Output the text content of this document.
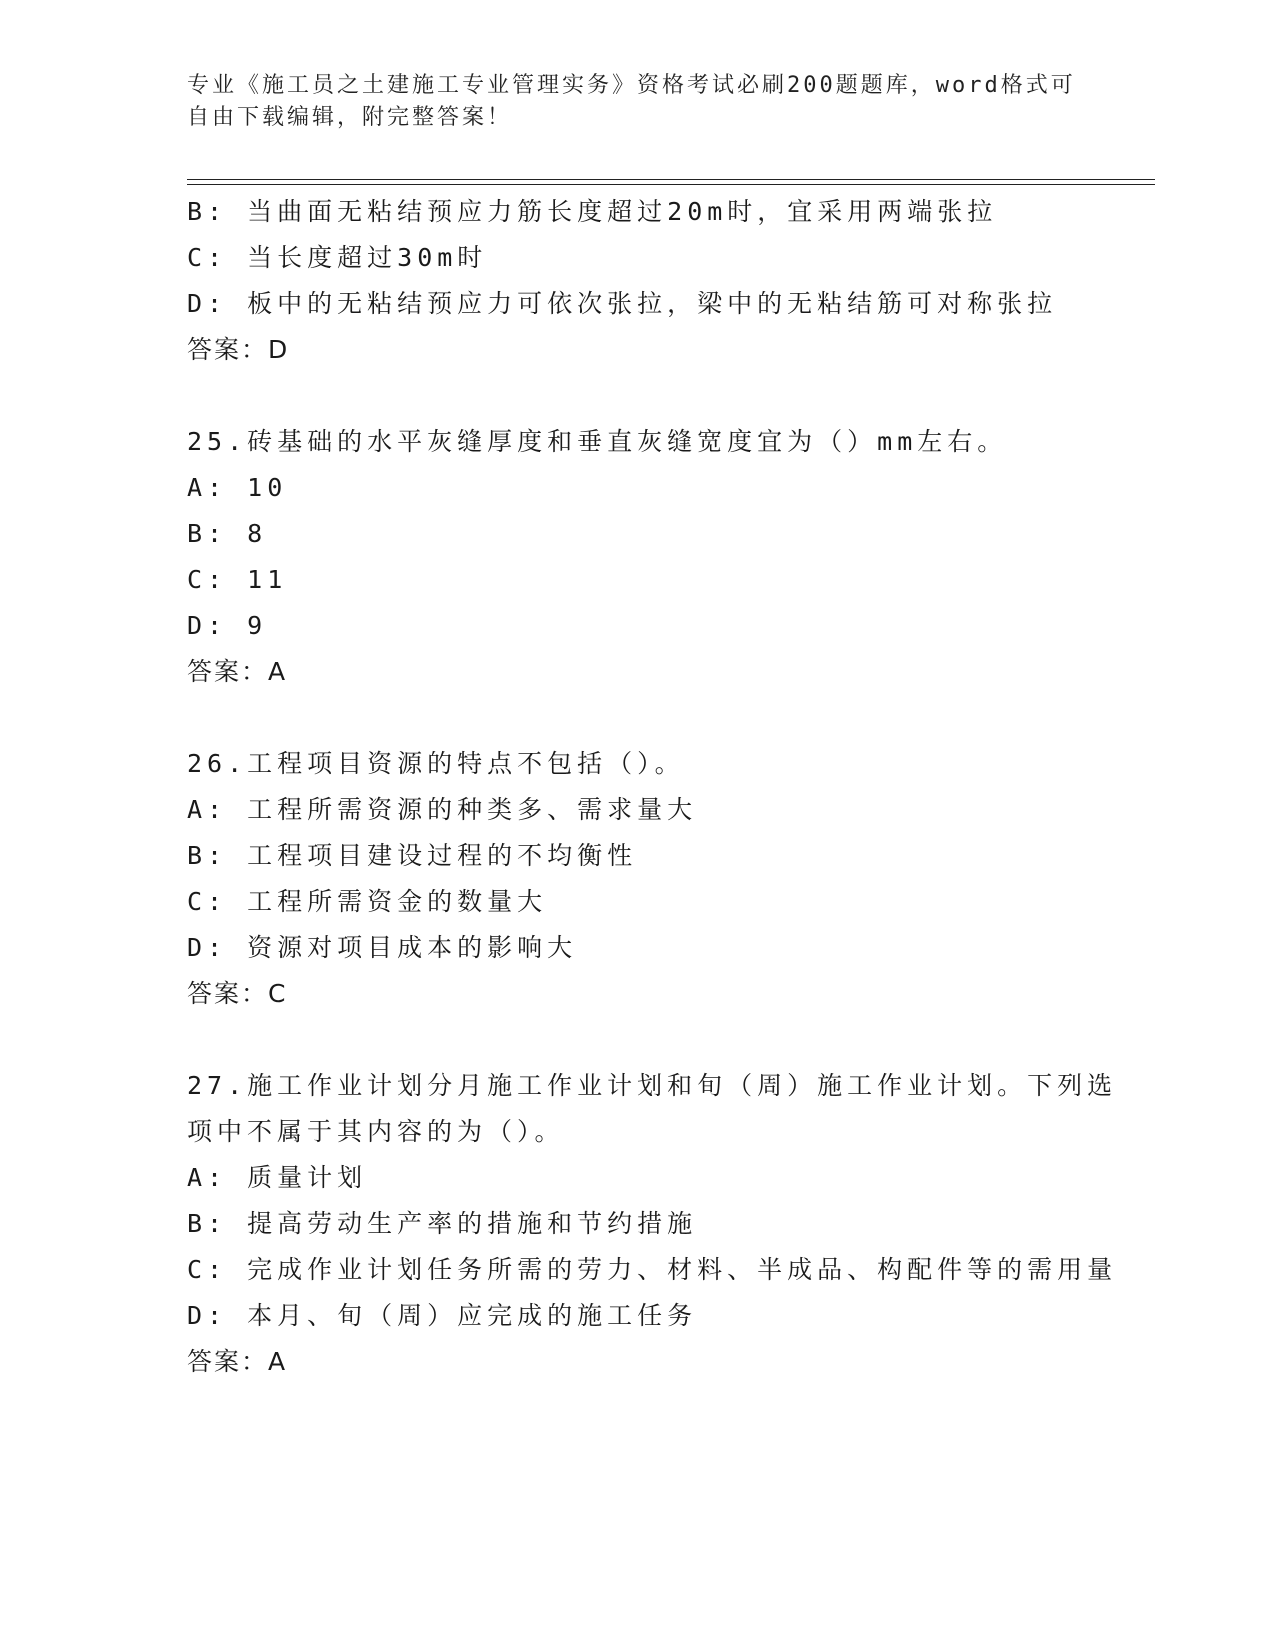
专业《施工员之土建施工专业管理实务》资格考试必刷200题题库，word格式可
自由下载编辑，附完整答案！
B: 当曲面无粘结预应力筋长度超过20m时，宜采用两端张拉
C: 当长度超过30m时
D: 板中的无粘结预应力可依次张拉，梁中的无粘结筋可对称张拉
答案：D
25.砖基础的水平灰缝厚度和垂直灰缝宽度宜为（）mm左右。
A: 10
B: 8
C: 11
D: 9
答案：A
26.工程项目资源的特点不包括（）。
A: 工程所需资源的种类多、需求量大
B: 工程项目建设过程的不均衡性
C: 工程所需资金的数量大
D: 资源对项目成本的影响大
答案：C
27.施工作业计划分月施工作业计划和旬（周）施工作业计划。下列选
项中不属于其内容的为（）。
A: 质量计划
B: 提高劳动生产率的措施和节约措施
C: 完成作业计划任务所需的劳力、材料、半成品、构配件等的需用量
D: 本月、旬（周）应完成的施工任务
答案：A
